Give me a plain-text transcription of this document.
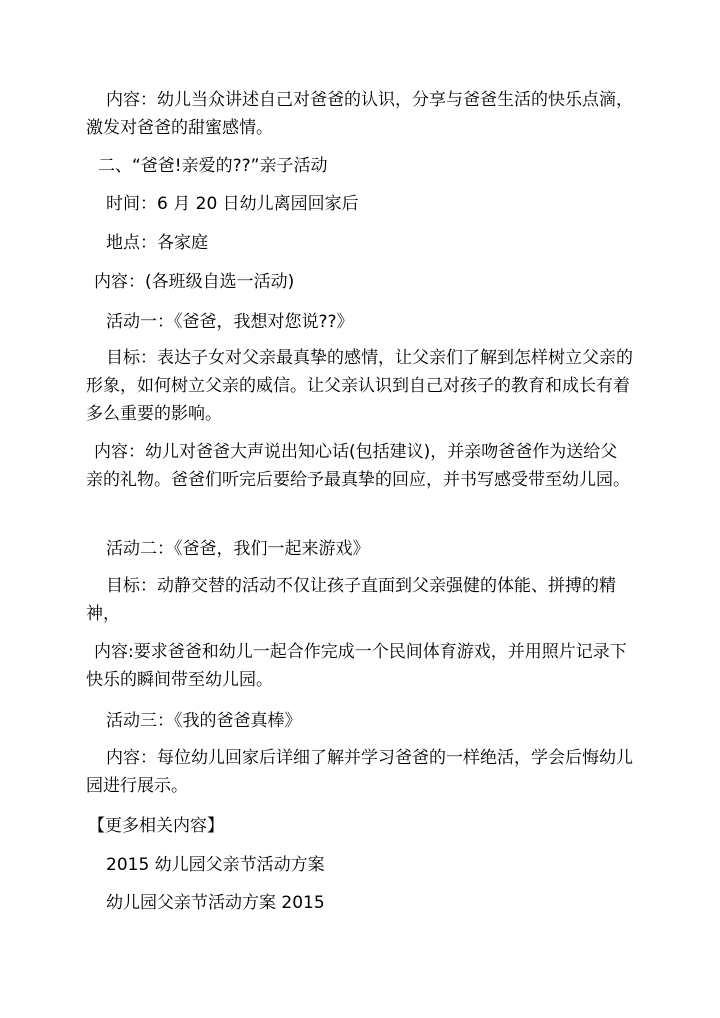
内容：幼儿当众讲述自己对爸爸的认识，分享与爸爸生活的快乐点滴，激发对爸爸的甜蜜感情。

二、“爸爸!亲爱的??”亲子活动

时间：6 月 20 日幼儿离园回家后

地点：各家庭

内容：(各班级自选一活动)

活动一：《爸爸，我想对您说??》

目标：表达子女对父亲最真挚的感情，让父亲们了解到怎样树立父亲的形象，如何树立父亲的威信。让父亲认识到自己对孩子的教育和成长有着多么重要的影响。

内容：幼儿对爸爸大声说出知心话(包括建议)，并亲吻爸爸作为送给父亲的礼物。爸爸们听完后要给予最真挚的回应，并书写感受带至幼儿园。

活动二：《爸爸，我们一起来游戏》

目标：动静交替的活动不仅让孩子直面到父亲强健的体能、拼搏的精神，

内容:要求爸爸和幼儿一起合作完成一个民间体育游戏，并用照片记录下快乐的瞬间带至幼儿园。

活动三：《我的爸爸真棒》

内容：每位幼儿回家后详细了解并学习爸爸的一样绝活，学会后悔幼儿园进行展示。

【更多相关内容】

2015 幼儿园父亲节活动方案

幼儿园父亲节活动方案 2015
